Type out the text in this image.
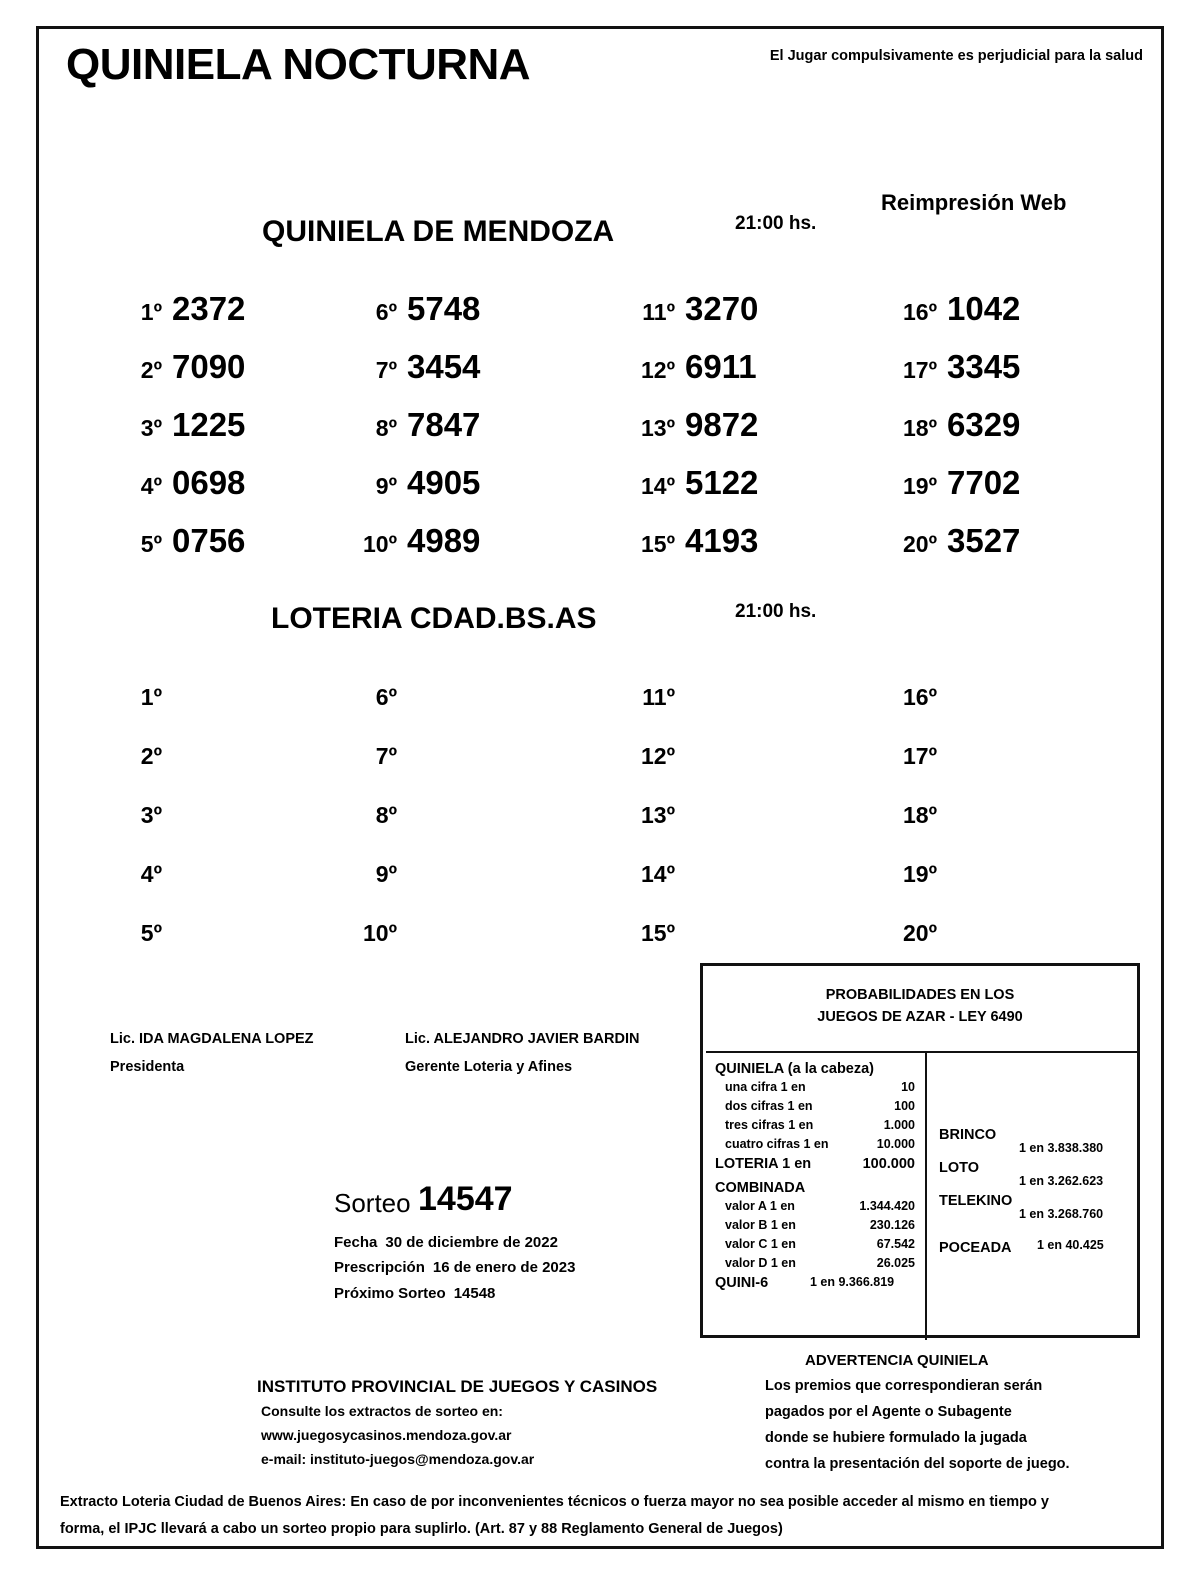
QUINIELA NOCTURNA	El Jugar compulsivamente es perjudicial para la salud
QUINIELA DE MENDOZA	21:00 hs.
Reimpresión Web
1º 2372
2º 7090
3º 1225
4º 0698
5º 0756
6º 5748
7º 3454
8º 7847
9º 4905
10º 4989
11º 3270
12º 6911
13º 9872
14º 5122
15º 4193
16º 1042
17º 3345
18º 6329
19º 7702
20º 3527
LOTERIA CDAD.BS.AS	21:00 hs.
1º
2º
3º
4º
5º
6º
7º
8º
9º
10º
11º
12º
13º
14º
15º
16º
17º
18º
19º
20º
Lic. IDA MAGDALENA LOPEZ
Presidenta
Lic. ALEJANDRO JAVIER BARDIN
Gerente Loteria y Afines
Sorteo 14547
Fecha 30 de diciembre de 2022
Prescripción 16 de enero de 2023
Próximo Sorteo 14548
PROBABILIDADES EN LOS
JUEGOS DE AZAR - LEY 6490
QUINIELA (a la cabeza)
una cifra 1 en	10
dos cifras 1 en	100
tres cifras 1 en	1.000
cuatro cifras 1 en	10.000
LOTERIA 1 en	100.000
COMBINADA
valor A 1 en	1.344.420
valor B 1 en	230.126
valor C 1 en	67.542
valor D 1 en	26.025
QUINI-6	1 en 9.366.819
BRINCO
1 en 3.838.380
LOTO
1 en 3.262.623
TELEKINO
1 en 3.268.760
POCEADA 1 en 40.425
INSTITUTO PROVINCIAL DE JUEGOS Y CASINOS
Consulte los extractos de sorteo en:
www.juegosycasinos.mendoza.gov.ar
e-mail: instituto-juegos@mendoza.gov.ar
ADVERTENCIA QUINIELA
Los premios que correspondieran serán
pagados por el Agente o Subagente
donde se hubiere formulado la jugada
contra la presentación del soporte de juego.
Extracto Loteria Ciudad de Buenos Aires: En caso de por inconvenientes técnicos o fuerza mayor no sea posible acceder al mismo en tiempo y
forma, el IPJC llevará a cabo un sorteo propio para suplirlo. (Art. 87 y 88 Reglamento General de Juegos)
